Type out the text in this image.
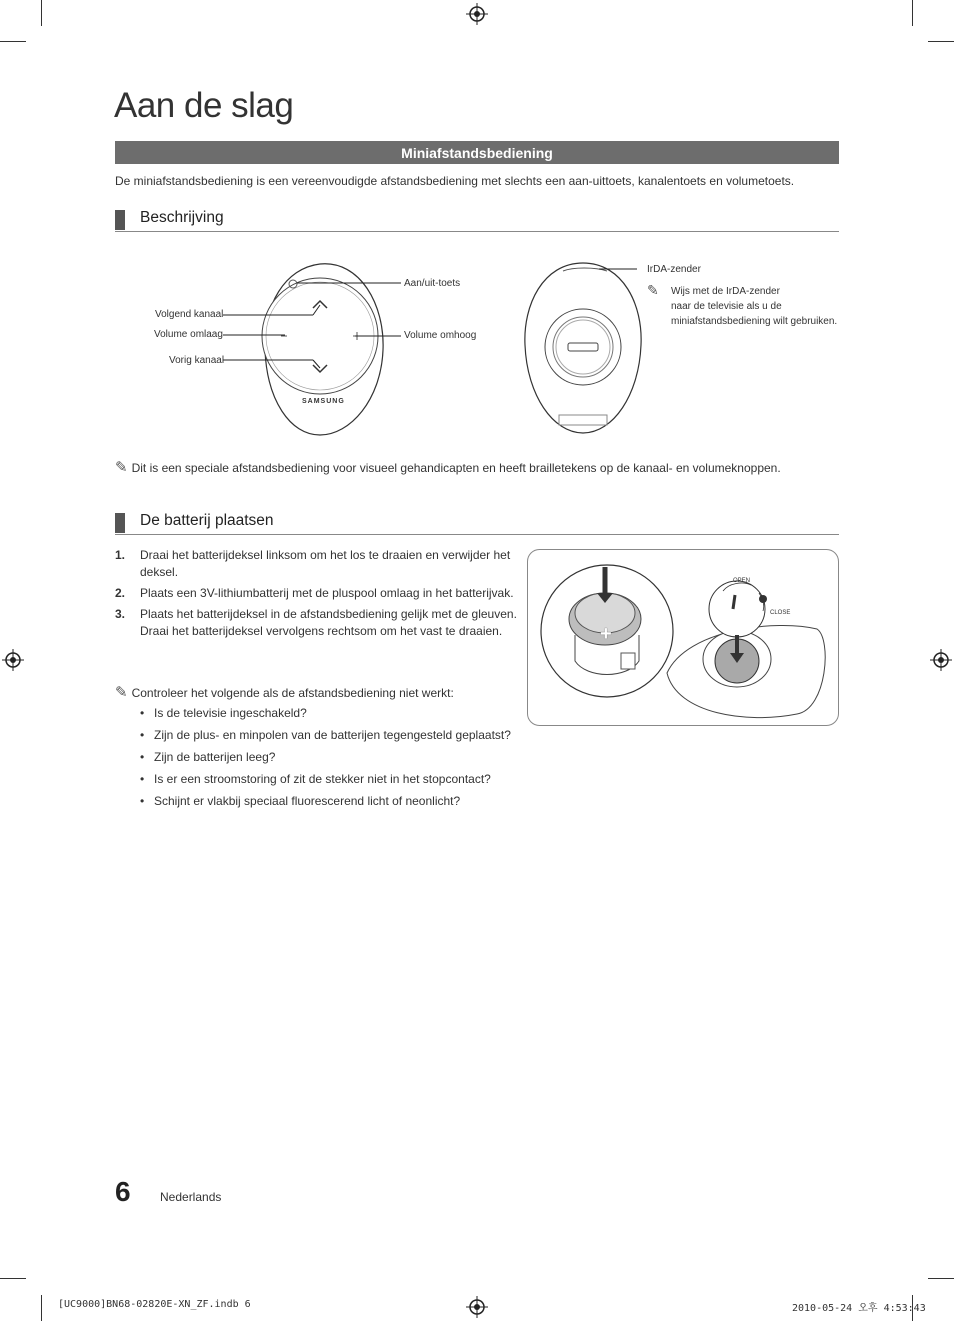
Aan de slag
Miniafstandsbediening
De miniafstandsbediening is een vereenvoudigde afstandsbediening met slechts een aan-uittoets, kanalentoets en volumetoets.
Beschrijving
Volgend kanaal
Volume omlaag
Vorig kanaal
Aan/uit-toets
Volume omhoog
SAMSUNG
IrDA-zender
✎ Wijs met de IrDA-zender
naar de televisie als u de
miniafstandsbediening wilt gebruiken.
✎ Dit is een speciale afstandsbediening voor visueel gehandicapten en heeft brailletekens op de kanaal- en volumeknoppen.
De batterij plaatsen
1. Draai het batterijdeksel linksom om het los te draaien en verwijder het deksel.
2. Plaats een 3V-lithiumbatterij met de pluspool omlaag in het batterijvak.
3. Plaats het batterijdeksel in de afstandsbediening gelijk met de gleuven. Draai het batterijdeksel vervolgens rechtsom om het vast te draaien.
✎ Controleer het volgende als de afstandsbediening niet werkt:
• Is de televisie ingeschakeld?
• Zijn de plus- en minpolen van de batterijen tegengesteld geplaatst?
• Zijn de batterijen leeg?
• Is er een stroomstoring of zit de stekker niet in het stopcontact?
• Schijnt er vlakbij speciaal fluorescerend licht of neonlicht?
OPEN
CLOSE
+
6 Nederlands
[UC9000]BN68-02820E-XN_ZF.indb 6	2010-05-24 오후 4:53:43
